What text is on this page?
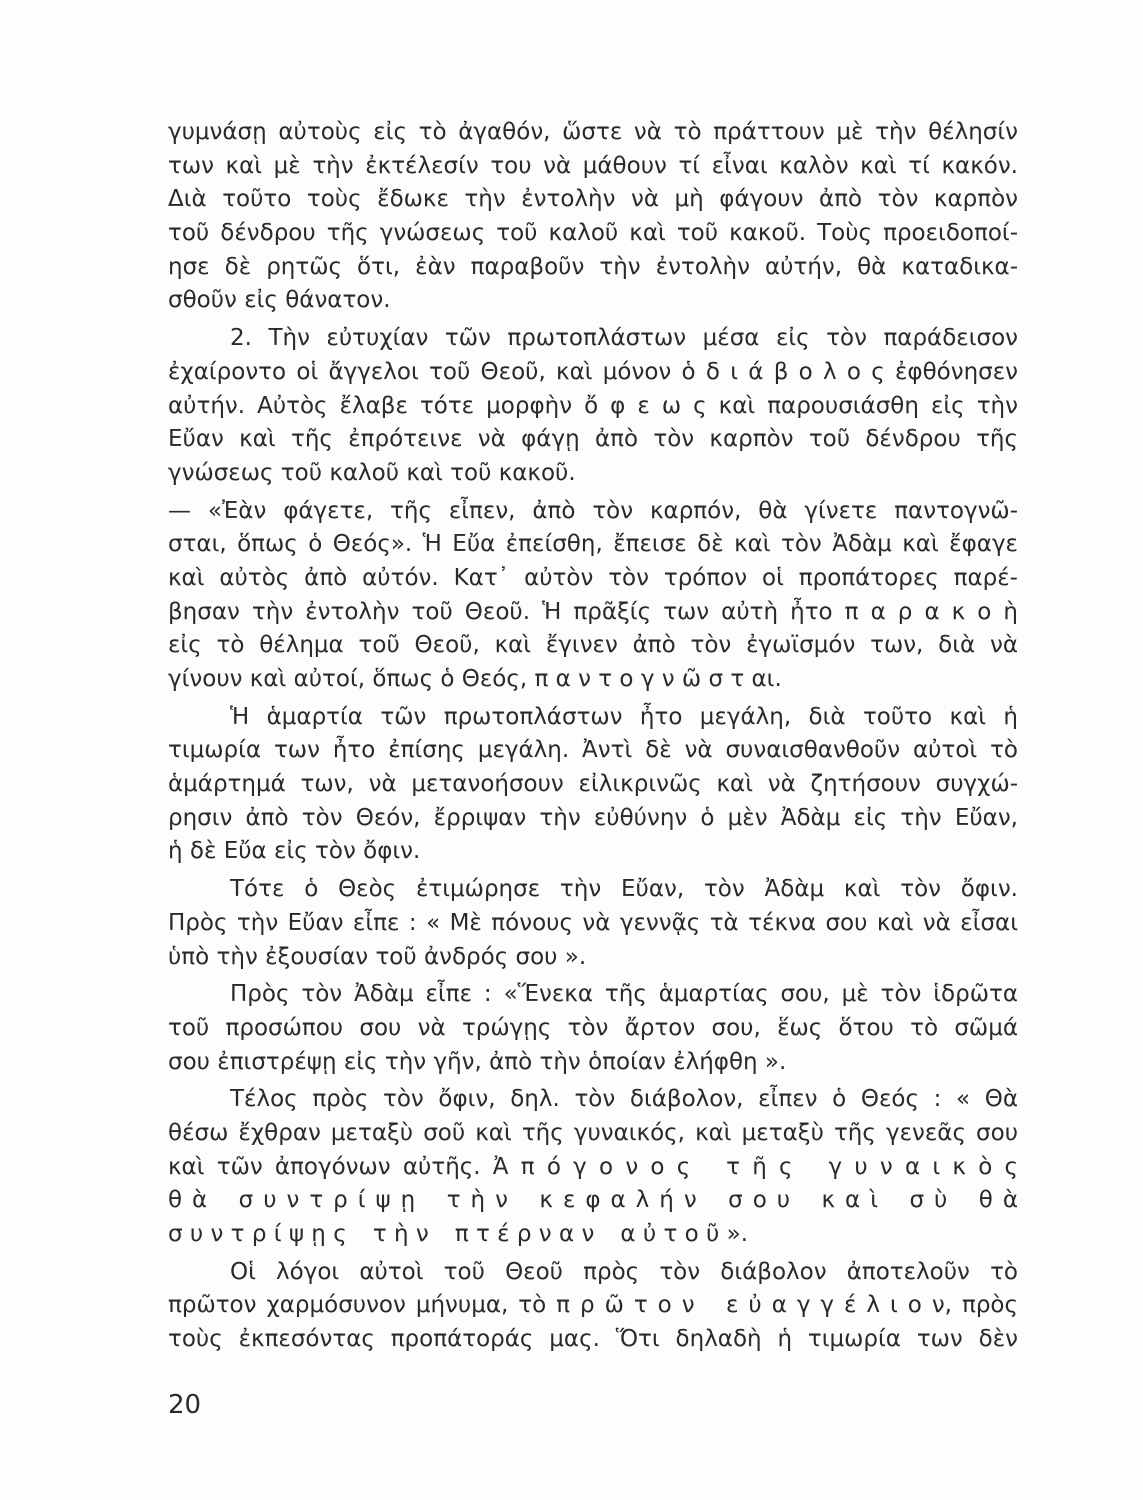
γυμνάσῃ αὐτοὺς εἰς τὸ ἀγαθόν, ὥστε νὰ τὸ πράττουν μὲ τὴν θέλησίν
των καὶ μὲ τὴν ἐκτέλεσίν του νὰ μάθουν τί εἶναι καλὸν καὶ τί κακόν.
Διὰ τοῦτο τοὺς ἔδωκε τὴν ἐντολὴν νὰ μὴ φάγουν ἀπὸ τὸν καρπὸν
τοῦ δένδρου τῆς γνώσεως τοῦ καλοῦ καὶ τοῦ κακοῦ. Τοὺς προειδοποί-
ησε δὲ ρητῶς ὅτι, ἐὰν παραβοῦν τὴν ἐντολὴν αὐτήν, θὰ καταδικα-
σθοῦν εἰς θάνατον.
2. Τὴν εὐτυχίαν τῶν πρωτοπλάστων μέσα εἰς τὸν παράδεισον
ἐχαίροντο οἱ ἄγγελοι τοῦ Θεοῦ, καὶ μόνον ὁ δ ι ά β ο λ ο ς ἐφθόνησεν
αὐτήν. Αὐτὸς ἔλαβε τότε μορφὴν ὄ φ ε ω ς καὶ παρουσιάσθη εἰς τὴν
Εὔαν καὶ τῆς ἐπρότεινε νὰ φάγῃ ἀπὸ τὸν καρπὸν τοῦ δένδρου τῆς
γνώσεως τοῦ καλοῦ καὶ τοῦ κακοῦ.
— «Ἐὰν φάγετε, τῆς εἶπεν, ἀπὸ τὸν καρπόν, θὰ γίνετε παντογνῶ-
σται, ὅπως ὁ Θεός». Ἡ Εὔα ἐπείσθη, ἔπεισε δὲ καὶ τὸν Ἀδὰμ καὶ ἔφαγε
καὶ αὐτὸς ἀπὸ αὐτόν. Κατ᾽ αὐτὸν τὸν τρόπον οἱ προπάτορες παρέ-
βησαν τὴν ἐντολὴν τοῦ Θεοῦ. Ἡ πρᾶξίς των αὐτὴ ἦτο π α ρ α κ ο ὴ
εἰς τὸ θέλημα τοῦ Θεοῦ, καὶ ἔγινεν ἀπὸ τὸν ἐγωϊσμόν των, διὰ νὰ
γίνουν καὶ αὐτοί, ὅπως ὁ Θεός, π α ν τ ο γ ν ῶ σ τ αι.
Ἡ ἁμαρτία τῶν πρωτοπλάστων ἦτο μεγάλη, διὰ τοῦτο καὶ ἡ
τιμωρία των ἦτο ἐπίσης μεγάλη. Ἀντὶ δὲ νὰ συναισθανθοῦν αὐτοὶ τὸ
ἁμάρτημά των, νὰ μετανοήσουν εἰλικρινῶς καὶ νὰ ζητήσουν συγχώ-
ρησιν ἀπὸ τὸν Θεόν, ἔρριψαν τὴν εὐθύνην ὁ μὲν Ἀδὰμ εἰς τὴν Εὔαν,
ἡ δὲ Εὔα εἰς τὸν ὄφιν.
Τότε ὁ Θεὸς ἐτιμώρησε τὴν Εὔαν, τὸν Ἀδὰμ καὶ τὸν ὄφιν.
Πρὸς τὴν Εὔαν εἶπε : « Μὲ πόνους νὰ γεννᾷς τὰ τέκνα σου καὶ νὰ εἶσαι
ὑπὸ τὴν ἐξουσίαν τοῦ ἀνδρός σου ».
Πρὸς τὸν Ἀδὰμ εἶπε : «Ἕνεκα τῆς ἁμαρτίας σου, μὲ τὸν ἱδρῶτα
τοῦ προσώπου σου νὰ τρώγῃς τὸν ἄρτον σου, ἕως ὅτου τὸ σῶμά
σου ἐπιστρέψῃ εἰς τὴν γῆν, ἀπὸ τὴν ὁποίαν ἐλήφθη ».
Τέλος πρὸς τὸν ὄφιν, δηλ. τὸν διάβολον, εἶπεν ὁ Θεός : « Θὰ
θέσω ἔχθραν μεταξὺ σοῦ καὶ τῆς γυναικός, καὶ μεταξὺ τῆς γενεᾶς σου
καὶ τῶν ἀπογόνων αὐτῆς. Ἀ π ό γ ο ν ο ς   τ ῆ ς   γ υ ν α ι κ ὸ ς
θ ὰ   σ υ ν τ ρ ί ψ ῃ   τ ὴ ν   κ ε φ α λ ή ν   σ ο υ   κ α ὶ   σ ὺ   θ ὰ
σ υ ν τ ρ ί ψ ῃ ς   τ ὴ ν   π τ έ ρ ν α ν   α ὐ τ ο ῦ ».
Οἱ λόγοι αὐτοὶ τοῦ Θεοῦ πρὸς τὸν διάβολον ἀποτελοῦν τὸ
πρῶτον χαρμόσυνον μήνυμα, τὸ π ρ ῶ τ ο ν   ε ὐ α γ γ έ λ ι ο ν, πρὸς
τοὺς ἐκπεσόντας προπάτοράς μας. Ὅτι δηλαδὴ ἡ τιμωρία των δὲν
20
